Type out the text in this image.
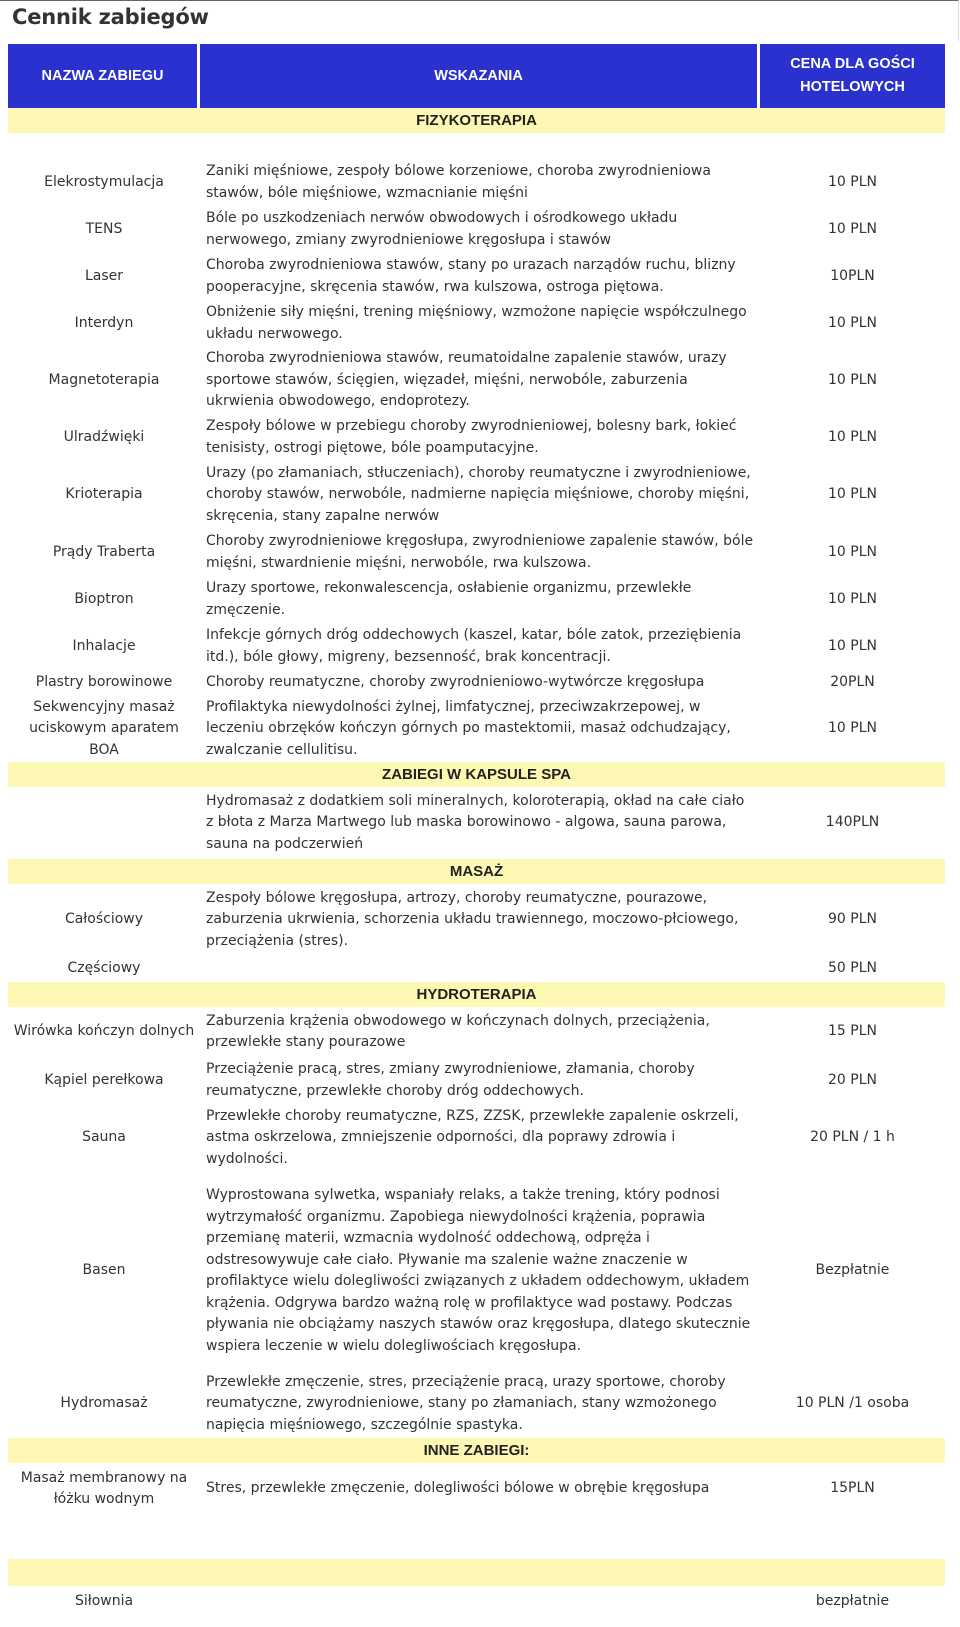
Cennik zabiegów
NAZWA ZABIEGU	WSKAZANIA	CENA DLA GOŚCI HOTELOWYCH
FIZYKOTERAPIA		

Elekrostymulacja	Zaniki mięśniowe, zespoły bólowe korzeniowe, choroba zwyrodnieniowa stawów, bóle mięśniowe, wzmacnianie mięśni	10 PLN
TENS	Bóle po uszkodzeniach nerwów obwodowych i ośrodkowego układu nerwowego, zmiany zwyrodnieniowe kręgosłupa i stawów	10 PLN
Laser	Choroba zwyrodnieniowa stawów, stany po urazach narządów ruchu, blizny pooperacyjne, skręcenia stawów, rwa kulszowa, ostroga piętowa.	10PLN
Interdyn	Obniżenie siły mięśni, trening mięśniowy, wzmożone napięcie współczulnego układu nerwowego.	10 PLN
Magnetoterapia	Choroba zwyrodnieniowa stawów, reumatoidalne zapalenie stawów, urazy sportowe stawów, ścięgien, więzadeł, mięśni, nerwobóle, zaburzenia ukrwienia obwodowego, endoprotezy.	10 PLN
Ulradźwięki	Zespoły bólowe w przebiegu choroby zwyrodnieniowej, bolesny bark, łokieć tenisisty, ostrogi piętowe, bóle poamputacyjne.	10 PLN
Krioterapia	Urazy (po złamaniach, stłuczeniach), choroby reumatyczne i zwyrodnieniowe, choroby stawów, nerwobóle, nadmierne napięcia mięśniowe, choroby mięśni, skręcenia, stany zapalne nerwów	10 PLN
Prądy Traberta	Choroby zwyrodnieniowe kręgosłupa, zwyrodnieniowe zapalenie stawów, bóle mięśni, stwardnienie mięśni, nerwobóle, rwa kulszowa.	10 PLN
Bioptron	Urazy sportowe, rekonwalescencja, osłabienie organizmu, przewlekłe zmęczenie.	10 PLN
Inhalacje	Infekcje górnych dróg oddechowych (kaszel, katar, bóle zatok, przeziębienia itd.), bóle głowy, migreny, bezsenność, brak koncentracji.	10 PLN
Plastry borowinowe	Choroby reumatyczne, choroby zwyrodnieniowo-wytwórcze kręgosłupa	20PLN
Sekwencyjny masaż uciskowym aparatem BOA	Profilaktyka niewydolności żylnej, limfatycznej, przeciwzakrzepowej, w leczeniu obrzęków kończyn górnych po mastektomii, masaż odchudzający, zwalczanie cellulitisu.	10 PLN
ZABIEGI W KAPSULE SPA		
	Hydromasaż z dodatkiem soli mineralnych, koloroterapią, okład na całe ciało z błota z Marza Martwego lub maska borowinowo - algowa, sauna parowa, sauna na podczerwień	140PLN
MASAŻ		
Całościowy	Zespoły bólowe kręgosłupa, artrozy, choroby reumatyczne, pourazowe, zaburzenia ukrwienia, schorzenia układu trawiennego, moczowo-płciowego, przeciążenia (stres).	90 PLN
Częściowy		50 PLN
HYDROTERAPIA		
Wirówka kończyn dolnych	Zaburzenia krążenia obwodowego w kończynach dolnych, przeciążenia, przewlekłe stany pourazowe	15 PLN
Kąpiel perełkowa	Przeciążenie pracą, stres, zmiany zwyrodnieniowe, złamania, choroby reumatyczne, przewlekłe choroby dróg oddechowych.	20 PLN
Sauna	Przewlekłe choroby reumatyczne, RZS, ZZSK, przewlekłe zapalenie oskrzeli, astma oskrzelowa, zmniejszenie odporności, dla poprawy zdrowia i wydolności.	20 PLN / 1 h
Basen	Wyprostowana sylwetka, wspaniały relaks, a także trening, który podnosi wytrzymałość organizmu. Zapobiega niewydolności krążenia, poprawia przemianę materii, wzmacnia wydolność oddechową, odpręża i odstresowywuje całe ciało. Pływanie ma szalenie ważne znaczenie w profilaktyce wielu dolegliwości związanych z układem oddechowym, układem krążenia. Odgrywa bardzo ważną rolę w profilaktyce wad postawy. Podczas pływania nie obciążamy naszych stawów oraz kręgosłupa, dlatego skutecznie wspiera leczenie w wielu dolegliwościach kręgosłupa.	Bezpłatnie
Hydromasaż	Przewlekłe zmęczenie, stres, przeciążenie pracą, urazy sportowe, choroby reumatyczne, zwyrodnieniowe, stany po złamaniach, stany wzmożonego napięcia mięśniowego, szczególnie spastyka.	10 PLN /1 osoba
INNE ZABIEGI:		
Masaż membranowy na łóżku wodnym	Stres, przewlekłe zmęczenie, dolegliwości bólowe w obrębie kręgosłupa	15PLN

Siłownia		bezpłatnie
